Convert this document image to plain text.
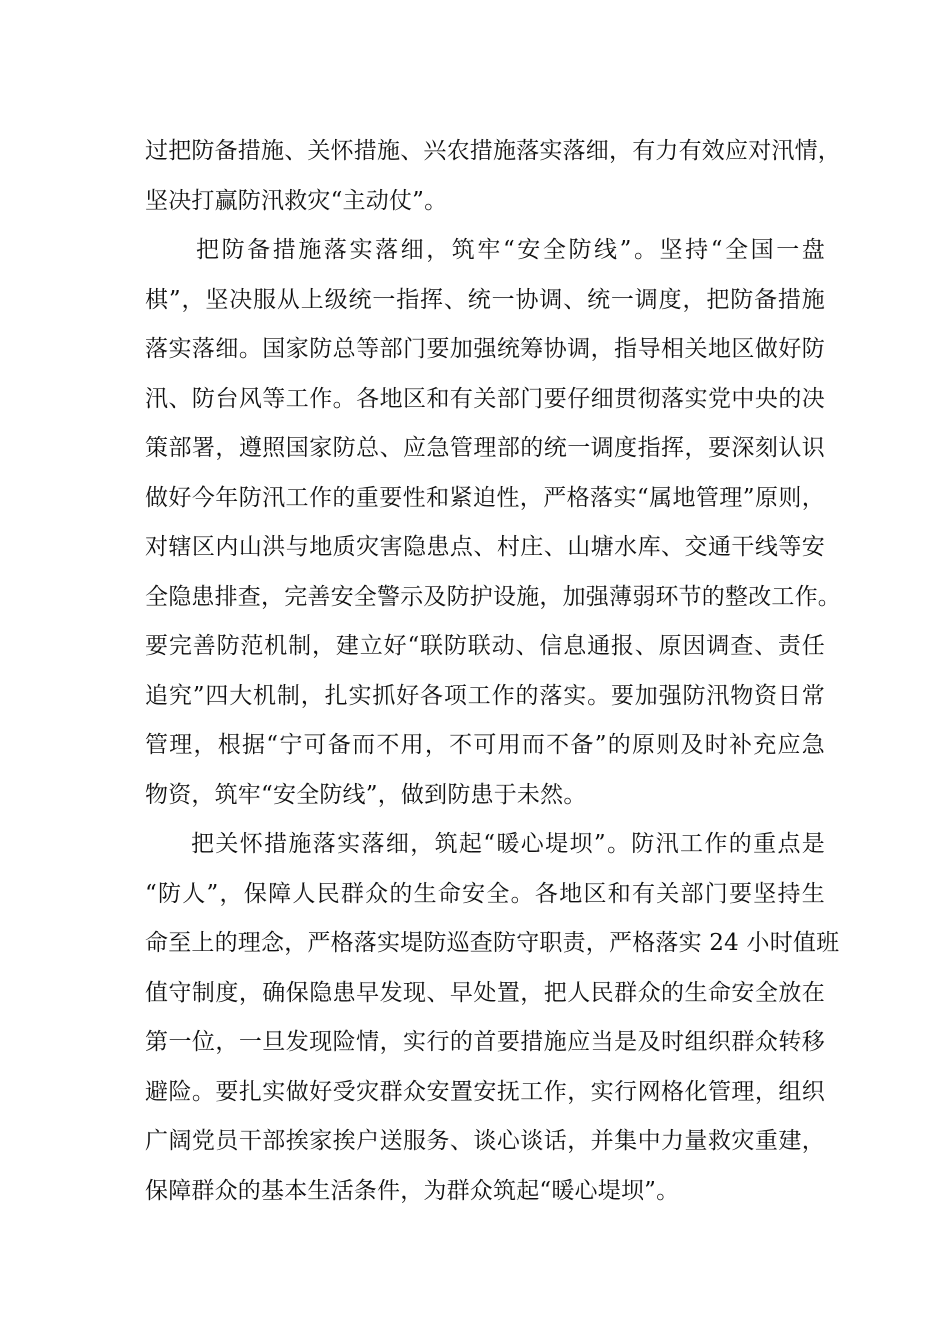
过把防备措施、关怀措施、兴农措施落实落细，有力有效应对汛情，
坚决打赢防汛救灾“主动仗”。
把防备措施落实落细，筑牢“安全防线”。坚持“全国一盘
棋”，坚决服从上级统一指挥、统一协调、统一调度，把防备措施
落实落细。国家防总等部门要加强统筹协调，指导相关地区做好防
汛、防台风等工作。各地区和有关部门要仔细贯彻落实党中央的决
策部署，遵照国家防总、应急管理部的统一调度指挥，要深刻认识
做好今年防汛工作的重要性和紧迫性，严格落实“属地管理”原则，
对辖区内山洪与地质灾害隐患点、村庄、山塘水库、交通干线等安
全隐患排查，完善安全警示及防护设施，加强薄弱环节的整改工作。
要完善防范机制，建立好“联防联动、信息通报、原因调查、责任
追究”四大机制，扎实抓好各项工作的落实。要加强防汛物资日常
管理，根据“宁可备而不用，不可用而不备”的原则及时补充应急
物资，筑牢“安全防线”，做到防患于未然。
把关怀措施落实落细，筑起“暖心堤坝”。防汛工作的重点是
“防人”，保障人民群众的生命安全。各地区和有关部门要坚持生
命至上的理念，严格落实堤防巡查防守职责，严格落实 24 小时值班
值守制度，确保隐患早发现、早处置，把人民群众的生命安全放在
第一位，一旦发现险情，实行的首要措施应当是及时组织群众转移
避险。要扎实做好受灾群众安置安抚工作，实行网格化管理，组织
广阔党员干部挨家挨户送服务、谈心谈话，并集中力量救灾重建，
保障群众的基本生活条件，为群众筑起“暖心堤坝”。
